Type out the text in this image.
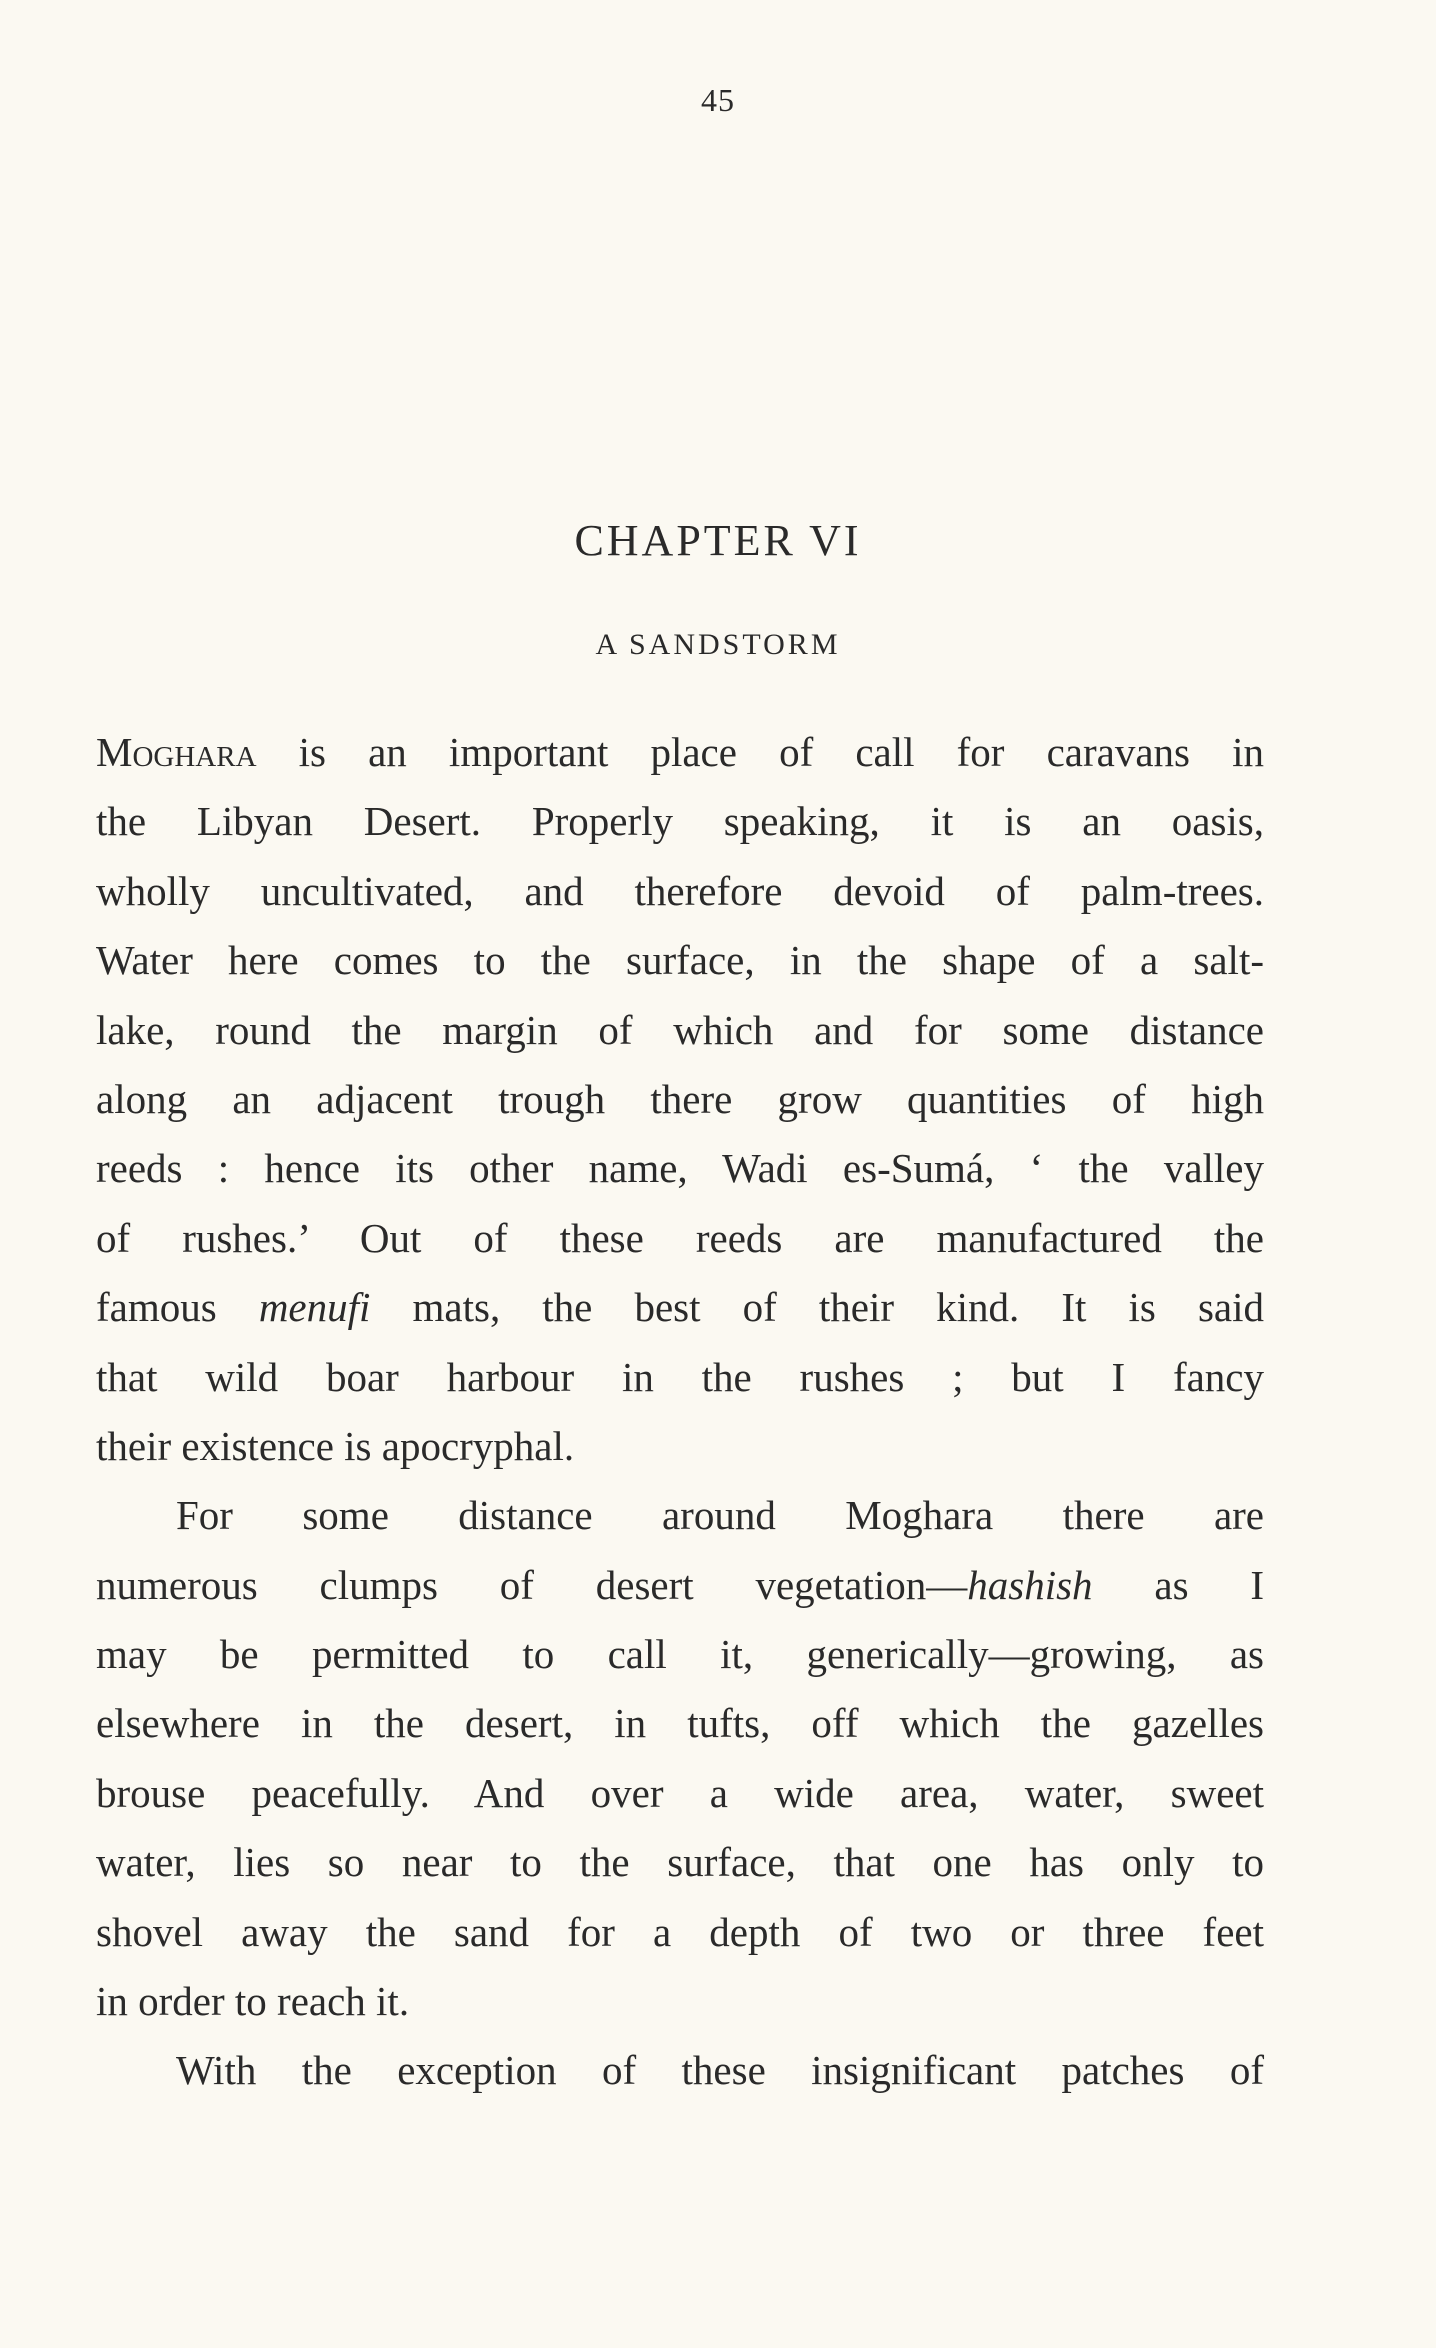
45
CHAPTER VI
A SANDSTORM
Moghara is an important place of call for caravans in
the Libyan Desert. Properly speaking, it is an oasis,
wholly uncultivated, and therefore devoid of palm-trees.
Water here comes to the surface, in the shape of a salt-
lake, round the margin of which and for some distance
along an adjacent trough there grow quantities of high
reeds : hence its other name, Wadi es-Sumá, ‘ the valley
of rushes.’ Out of these reeds are manufactured the
famous menufi mats, the best of their kind. It is said
that wild boar harbour in the rushes ; but I fancy
their existence is apocryphal.
For some distance around Moghara there are
numerous clumps of desert vegetation—hashish as I
may be permitted to call it, generically—growing, as
elsewhere in the desert, in tufts, off which the gazelles
brouse peacefully. And over a wide area, water, sweet
water, lies so near to the surface, that one has only to
shovel away the sand for a depth of two or three feet
in order to reach it.
With the exception of these insignificant patches of
